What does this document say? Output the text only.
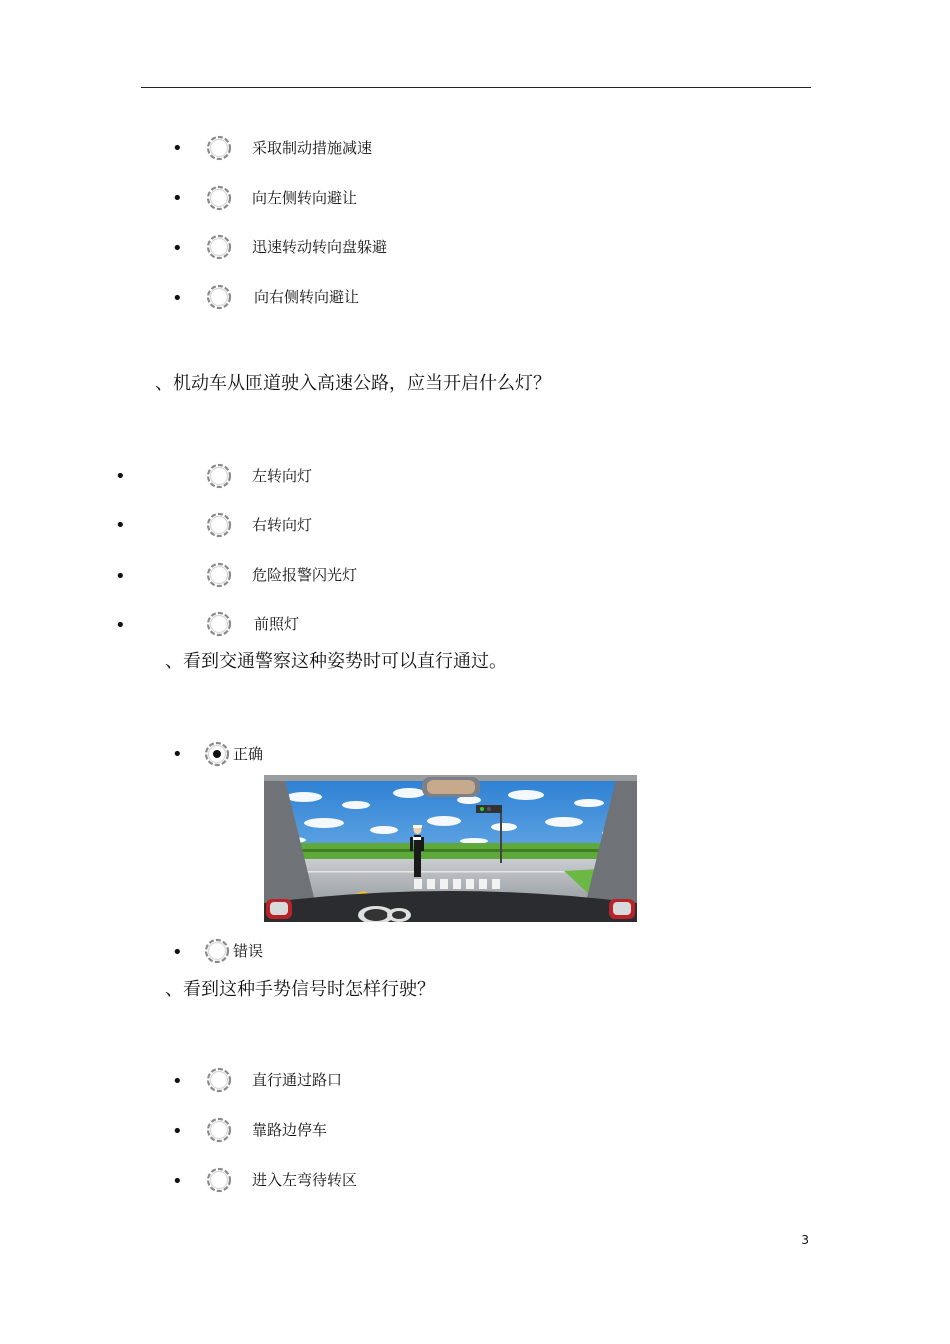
•	采取制动措施减速
•	向左侧转向避让
•	迅速转动转向盘躲避
•	向右侧转向避让
、机动车从匝道驶入高速公路，应当开启什么灯？
•	左转向灯
•	右转向灯
•	危险报警闪光灯
•	前照灯
、看到交通警察这种姿势时可以直行通过。
•	正确
•	错误
、看到这种手势信号时怎样行驶？
•	直行通过路口
•	靠路边停车
•	进入左弯待转区
3
